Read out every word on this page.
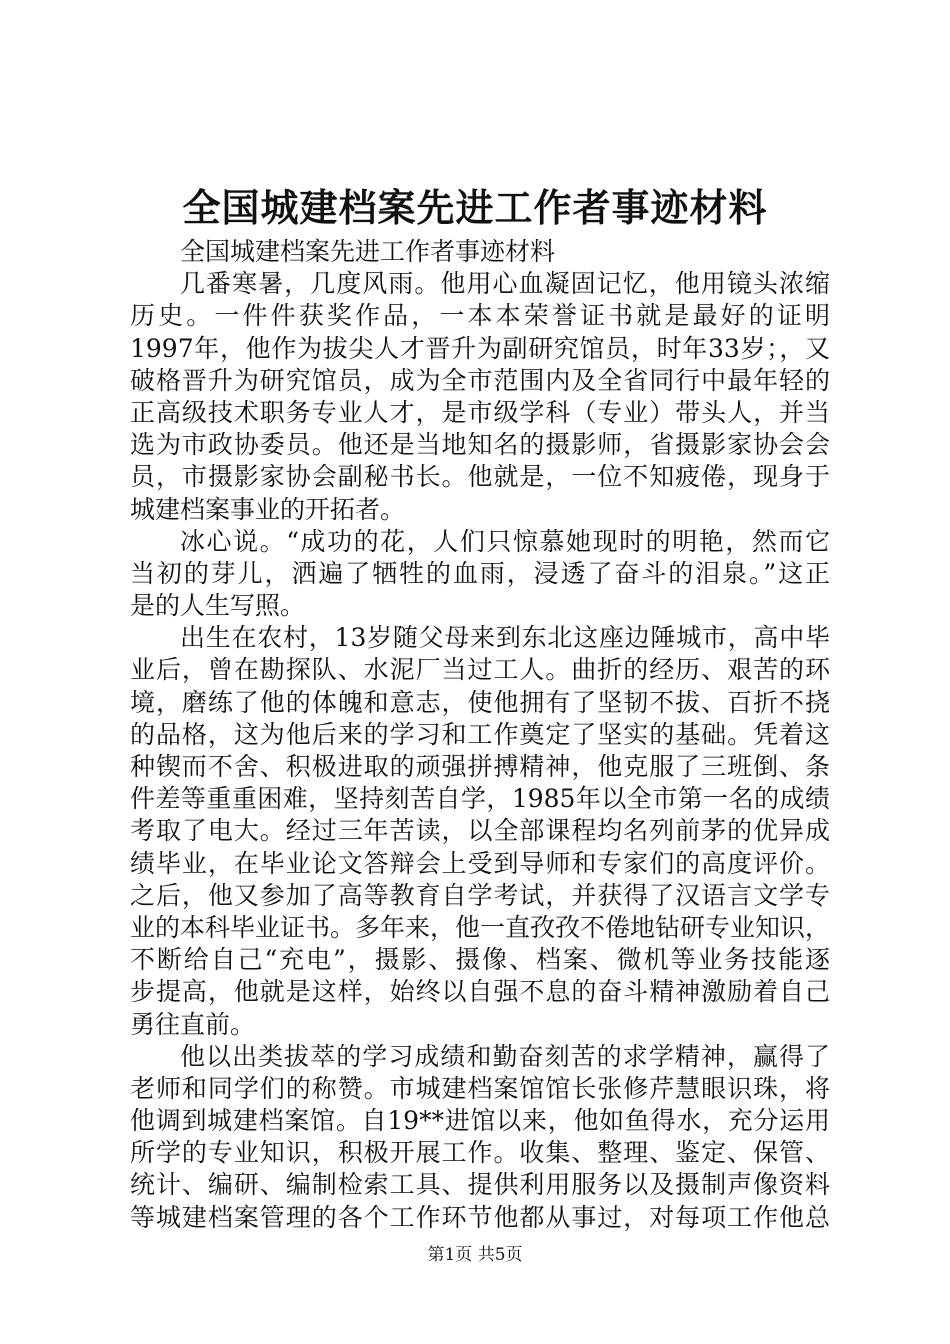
全国城建档案先进工作者事迹材料
全国城建档案先进工作者事迹材料
几番寒暑，几度风雨。他用心血凝固记忆，他用镜头浓缩
历史。一件件获奖作品，一本本荣誉证书就是最好的证明
1997年，他作为拔尖人才晋升为副研究馆员，时年33岁；，又
破格晋升为研究馆员，成为全市范围内及全省同行中最年轻的
正高级技术职务专业人才，是市级学科（专业）带头人，并当
选为市政协委员。他还是当地知名的摄影师，省摄影家协会会
员，市摄影家协会副秘书长。他就是，一位不知疲倦，现身于
城建档案事业的开拓者。
冰心说。“成功的花，人们只惊慕她现时的明艳，然而它
当初的芽儿，洒遍了牺牲的血雨，浸透了奋斗的泪泉。”这正
是的人生写照。
出生在农村，13岁随父母来到东北这座边陲城市，高中毕
业后，曾在勘探队、水泥厂当过工人。曲折的经历、艰苦的环
境，磨练了他的体魄和意志，使他拥有了坚韧不拔、百折不挠
的品格，这为他后来的学习和工作奠定了坚实的基础。凭着这
种锲而不舍、积极进取的顽强拼搏精神，他克服了三班倒、条
件差等重重困难，坚持刻苦自学，1985年以全市第一名的成绩
考取了电大。经过三年苦读，以全部课程均名列前茅的优异成
绩毕业，在毕业论文答辩会上受到导师和专家们的高度评价。
之后，他又参加了高等教育自学考试，并获得了汉语言文学专
业的本科毕业证书。多年来，他一直孜孜不倦地钻研专业知识，
不断给自己“充电”，摄影、摄像、档案、微机等业务技能逐
步提高，他就是这样，始终以自强不息的奋斗精神激励着自己
勇往直前。
他以出类拔萃的学习成绩和勤奋刻苦的求学精神，赢得了
老师和同学们的称赞。市城建档案馆馆长张修芹慧眼识珠，将
他调到城建档案馆。自19**进馆以来，他如鱼得水，充分运用
所学的专业知识，积极开展工作。收集、整理、鉴定、保管、
统计、编研、编制检索工具、提供利用服务以及摄制声像资料
等城建档案管理的各个工作环节他都从事过，对每项工作他总
第1页 共5页
